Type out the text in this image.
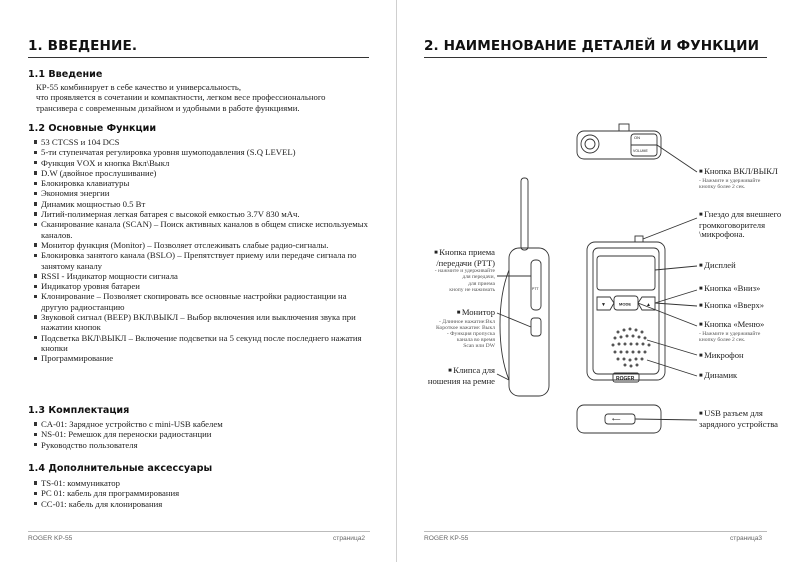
1. ВВЕДЕНИЕ.
1.1 Введение
КР-55 комбинирует в себе качество и универсальность,
что проявляется в сочетании и компактности, легком весе профессионального
трансивера с современным дизайном и удобными в работе функциями.
1.2 Основные Функции
53 CTCSS и 104 DCS
5-ти ступенчатая регулировка уровня шумоподавления (S.Q LEVEL)
Функция VOX и кнопка Вкл\Выкл
D.W (двойное прослушивание)
Блокировка клавиатуры
Экономия энергии
Динамик мощностью 0.5 Вт
Литий-полимерная легкая батарея с высокой емкостью 3.7V 830 мАч.
Сканирование канала (SCAN) – Поиск активных каналов в общем списке используемых каналов.
Монитор функция (Monitor) – Позволяет отслеживать слабые радио-сигналы.
Блокировка занятого канала (BSLO) – Препятствует приему или передаче сигнала по занятому каналу
RSSI - Индикатор мощности сигнала
Индикатор уровня батареи
Клонирование – Позволяет скопировать все основные настройки радиостанции на другую радиостанцию
Звуковой сигнал (BEEP) ВКЛ\ВЫКЛ – Выбор включения или выключения звука при нажатии кнопок
Подсветка ВКЛ\ВЫКЛ – Включение подсветки на 5 секунд после последнего нажатия кнопки
Программирование
1.3 Комплектация
CA-01: Зарядное устройство с mini-USB кабелем
NS-01: Ремешок для переноски радиостанции
Руководство пользователя
1.4 Дополнительные аксессуары
TS-01: коммуникатор
PC 01: кабель для программирования
CC-01: кабель для клонирования
ROGER KP-55	страница2
2. НАИМЕНОВАНИЕ ДЕТАЛЕЙ И ФУНКЦИИ
ON
VOLUME
MODE
▼	▲
ROGER
PTT
⟵
■ Кнопка ВКЛ/ВЫКЛ
- Нажмите и удерживайте
кнопку более 2 сек.
■ Гнездо для внешнего
громкоговорителя
\микрофона.
■ Дисплей
■ Кнопка «Вниз»
■ Кнопка «Вверх»
■ Кнопка «Меню»
- Нажмите и удерживайте
кнопку более 2 сек.
■ Микрофон
■ Динамик
■ USB разъем для
зарядного устройства
■ Кнопка приема
/передачи (PTT)
- нажмите и удерживайте
для передачи,
для приема
кнопу не нажимать
■ Монитор
- Длинное нажатие:Вкл
Короткое нажатие: Выкл
- Функция пропуска
канала во время
Scan или DW
■ Клипса для
ношения на ремне
ROGER KP-55	страница3
